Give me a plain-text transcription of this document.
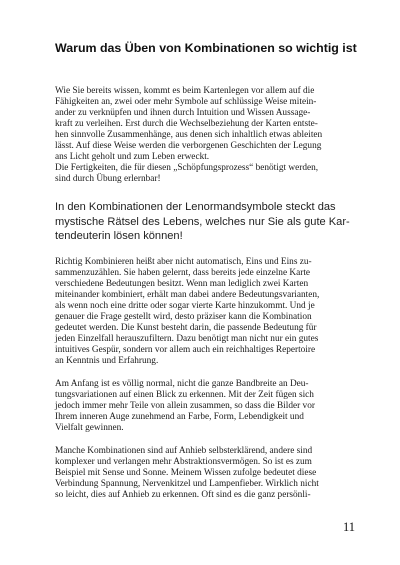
Warum das Üben von Kombinationen so wichtig ist

Wie Sie bereits wissen, kommt es beim Kartenlegen vor allem auf die
Fähigkeiten an, zwei oder mehr Symbole auf schlüssige Weise mitein-
ander zu verknüpfen und ihnen durch Intuition und Wissen Aussage-
kraft zu verleihen. Erst durch die Wechselbeziehung der Karten entste-
hen sinnvolle Zusammenhänge, aus denen sich inhaltlich etwas ableiten
lässt. Auf diese Weise werden die verborgenen Geschichten der Legung
ans Licht geholt und zum Leben erweckt.
Die Fertigkeiten, die für diesen „Schöpfungsprozess“ benötigt werden,
sind durch Übung erlernbar!

In den Kombinationen der Lenormandsymbole steckt das
mystische Rätsel des Lebens, welches nur Sie als gute Kar-
tendeuterin lösen können!

Richtig Kombinieren heißt aber nicht automatisch, Eins und Eins zu-
sammenzuzählen. Sie haben gelernt, dass bereits jede einzelne Karte
verschiedene Bedeutungen besitzt. Wenn man lediglich zwei Karten
miteinander kombiniert, erhält man dabei andere Bedeutungsvarianten,
als wenn noch eine dritte oder sogar vierte Karte hinzukommt. Und je
genauer die Frage gestellt wird, desto präziser kann die Kombination
gedeutet werden. Die Kunst besteht darin, die passende Bedeutung für
jeden Einzelfall herauszufiltern. Dazu benötigt man nicht nur ein gutes
intuitives Gespür, sondern vor allem auch ein reichhaltiges Repertoire
an Kenntnis und Erfahrung.

Am Anfang ist es völlig normal, nicht die ganze Bandbreite an Deu-
tungsvariationen auf einen Blick zu erkennen. Mit der Zeit fügen sich
jedoch immer mehr Teile von allein zusammen, so dass die Bilder vor
Ihrem inneren Auge zunehmend an Farbe, Form, Lebendigkeit und
Vielfalt gewinnen.

Manche Kombinationen sind auf Anhieb selbsterklärend, andere sind
komplexer und verlangen mehr Abstraktionsvermögen. So ist es zum
Beispiel mit Sense und Sonne. Meinem Wissen zufolge bedeutet diese
Verbindung Spannung, Nervenkitzel und Lampenfieber. Wirklich nicht
so leicht, dies auf Anhieb zu erkennen. Oft sind es die ganz persönli-

11
